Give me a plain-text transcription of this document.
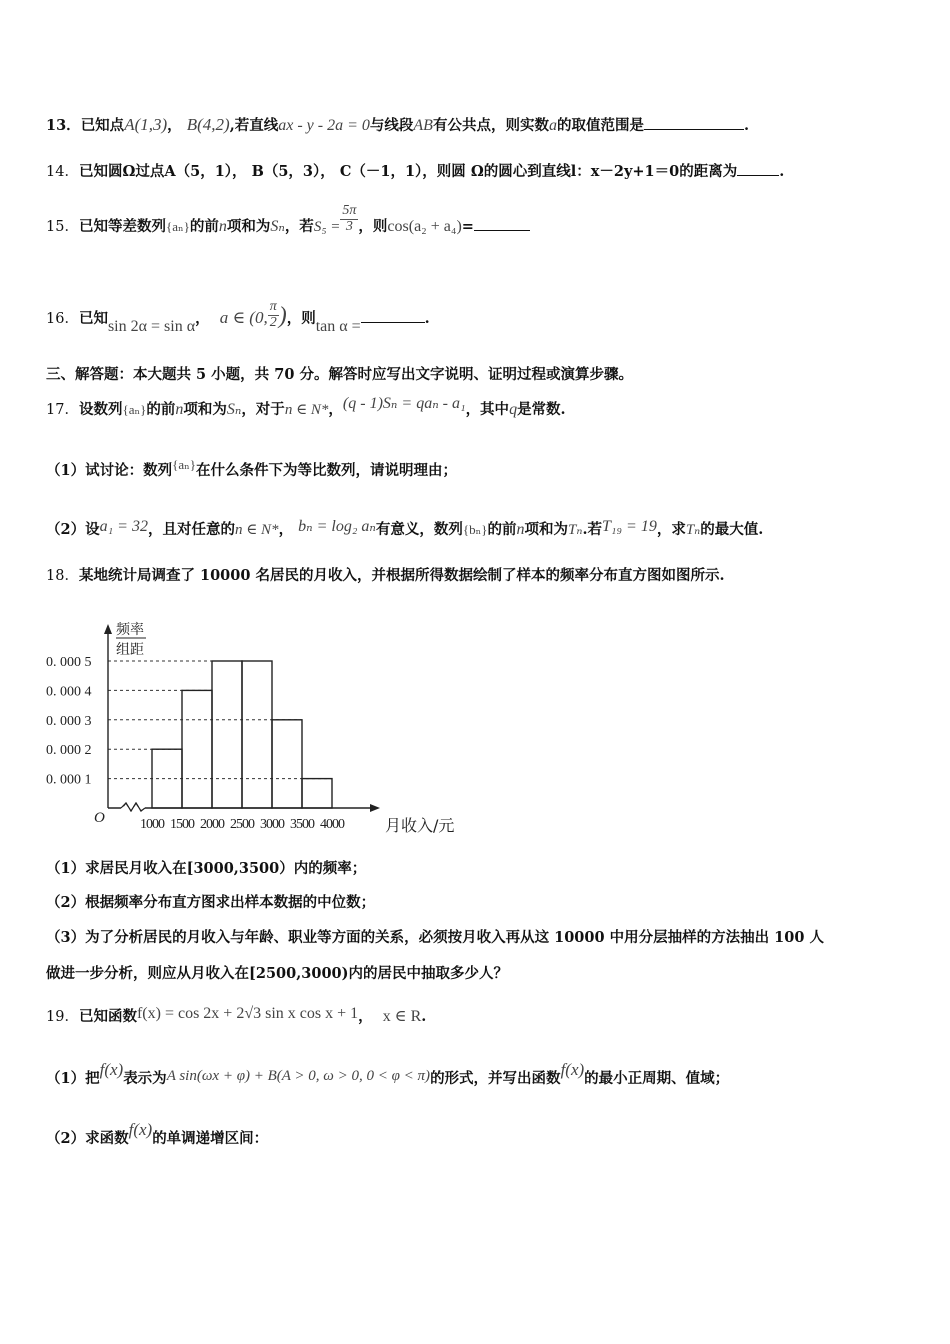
13．已知点A(1,3)， B(4,2),若直线ax - y - 2a = 0与线段AB有公共点，则实数a的取值范围是	.
14．已知圆Ω过点A（5，1）， B（5，3）， C（－1，1），则圆 Ω的圆心到直线l：x－2y+1＝0的距离为	.
15．已知等差数列{aₙ}的前n项和为Sₙ，若$S_5 = \frac{5\pi}{3}$ ，则cos(a₂ + a₄)=
16．已知sin 2α = sin α， a ∈ (0, $\frac{\pi}{2}$ )，则tan α =	.
三、解答题：本大题共 5 小题，共 70 分。解答时应写出文字说明、证明过程或演算步骤。
17．设数列{aₙ}的前n项和为Sₙ，对于n ∈ N*，(q - 1)Sₙ = qaₙ - a₁，其中q是常数.
（1）试讨论：数列{aₙ}在什么条件下为等比数列，请说明理由；
（2）设a₁ = 32，且对任意的n ∈ N*， bₙ = log₂ aₙ有意义，数列{bₙ}的前n项和为Tₙ.若T₁₉ = 19，求Tₙ的最大值.
18．某地统计局调查了 10000 名居民的月收入，并根据所得数据绘制了样本的频率分布直方图如图所示.
0. 000 1
0. 000 2
0. 000 3
0. 000 4
0. 000 5
O	1000 1500 2000 2500 3000 3500 4000	月收入/元
频率
组距
（1）求居民月收入在[3000,3500）内的频率；
（2）根据频率分布直方图求出样本数据的中位数；
（3）为了分析居民的月收入与年龄、职业等方面的关系，必须按月收入再从这 10000 中用分层抽样的方法抽出 100 人
做进一步分析，则应从月收入在[2500,3000)内的居民中抽取多少人？
19．已知函数f(x) = cos 2x + 2√3 sin x cos x + 1， x ∈ R.
（1）把f(x)表示为A sin(ωx + φ) + B(A > 0, ω > 0, 0 < φ < π)的形式，并写出函数f(x)的最小正周期、值域；
（2）求函数f(x)的单调递增区间：
